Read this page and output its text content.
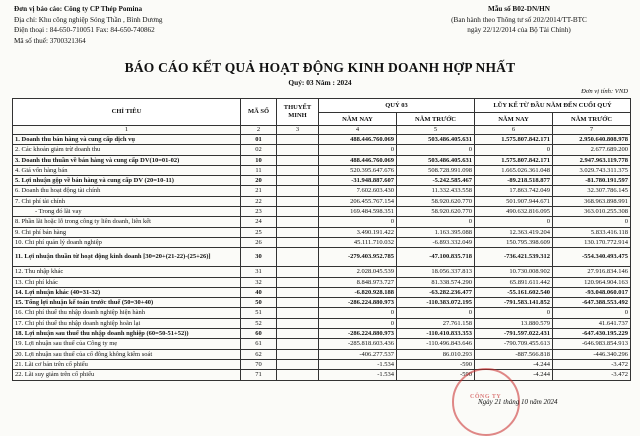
Đơn vị báo cáo: Công ty CP Thép Pomina
Địa chỉ: Khu công nghiệp Sóng Thần , Bình Dương
Điện thoại : 84-650-710051 Fax: 84-650-740862
Mã số thuế: 3700321364
Mẫu số B02-DN/HN
(Ban hành theo Thông tư số 202/2014/TT-BTC
ngày 22/12/2014 của Bộ Tài Chính)
BÁO CÁO KẾT QUẢ HOẠT ĐỘNG KINH DOANH HỢP NHẤT
Quý: 03 Năm : 2024
Đơn vị tính: VND
CHỈ TIÊU	MÃ SỐ	THUYẾT MINH	QUÝ 03		LŨY KẾ TỪ ĐẦU NĂM ĐẾN CUỐI QUÝ	
			NĂM NAY	NĂM TRƯỚC	NĂM NAY	NĂM TRƯỚC
1	2	3	4	5	6	7
1. Doanh thu bán hàng và cung cấp dịch vụ	01		488.446.760.069	503.486.405.631	1.575.807.842.171	2.950.640.808.978
2. Các khoản giảm trừ doanh thu	02		0	0	0	2.677.689.200
3. Doanh thu thuần về bán hàng và cung cấp DV(10=01-02)	10		488.446.760.069	503.486.405.631	1.575.807.842.171	2.947.963.119.778
4. Giá vốn hàng bán	11		520.395.647.676	508.728.991.098	1.665.026.361.048	3.029.743.311.375
5. Lợi nhuận gộp về bán hàng và cung cấp DV (20=10-11)	20		-31.948.887.607	-5.242.585.467	-89.218.518.877	-81.780.191.597
6. Doanh thu hoạt động tài chính	21		7.602.603.430	11.332.433.558	17.863.742.049	32.307.786.145
7. Chi phí tài chính	22		206.455.767.154	58.920.620.770	501.907.944.671	368.963.898.991
- Trong đó lãi vay	23		169.484.598.351	58.920.620.770	490.632.816.095	363.010.255.308
8. Phần lãi hoặc lỗ trong công ty liên doanh, liên kết	24		0	0	0	0
9. Chi phí bán hàng	25		3.490.191.422	1.163.395.088	12.363.419.204	5.833.416.118
10. Chi phí quản lý doanh nghiệp	26		45.111.710.032	-6.893.332.049	150.795.398.609	130.170.772.914
11. Lợi nhuận thuần từ hoạt động kinh doanh [30=20+(21-22)-(25+26)]	30		-279.403.952.785	-47.100.835.718	-736.421.539.312	-554.340.493.475
12. Thu nhập khác	31		2.028.045.539	18.056.337.813	10.730.008.902	27.916.834.146
13. Chi phí khác	32		8.848.973.727	81.338.574.290	65.891.611.442	120.964.904.163
14. Lợi nhuận khác (40=31-32)	40		-6.820.928.188	-63.282.236.477	-55.161.602.540	-93.048.060.017
15. Tổng lợi nhuận kế toán trước thuế (50=30+40)	50		-286.224.880.973	-110.383.072.195	-791.583.141.852	-647.388.553.492
16. Chi phí thuế thu nhập doanh nghiệp hiện hành	51		0	0	0	0
17. Chi phí thuế thu nhập doanh nghiệp hoãn lại	52		0	27.761.158	13.880.579	41.641.737
18. Lợi nhuận sau thuế thu nhập doanh nghiệp (60=50-51+52))	60		-286.224.880.973	-110.410.833.353	-791.597.022.431	-647.430.195.229
19. Lợi nhuận sau thuế của Công ty mẹ	61		-285.818.603.436	-110.496.843.646	-790.709.455.613	-646.983.854.913
20. Lợi nhuận sau thuế của cổ đông không kiểm soát	62		-406.277.537	86.010.293	-887.566.818	-446.340.296
21. Lãi cơ bản trên cổ phiếu	70		-1.534	-590	-4.244	-3.472
22. Lãi suy giảm trên cổ phiếu	71		-1.534	-590	-4.244	-3.472
CÔNG TY
Ngày 21 tháng 10 năm 2024
